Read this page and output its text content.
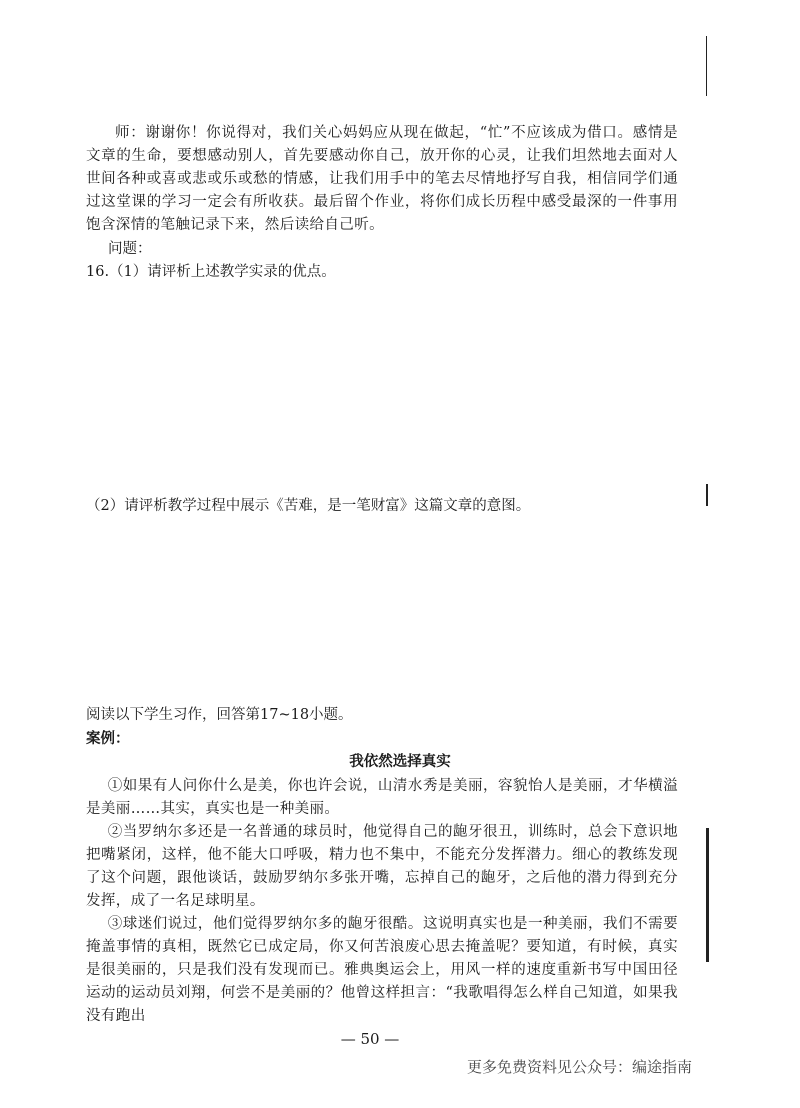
师：谢谢你！你说得对，我们关心妈妈应从现在做起，“忙”不应该成为借口。感情是文章的生命，要想感动别人，首先要感动你自己，放开你的心灵，让我们坦然地去面对人世间各种或喜或悲或乐或愁的情感，让我们用手中的笔去尽情地抒写自我，相信同学们通过这堂课的学习一定会有所收获。最后留个作业，将你们成长历程中感受最深的一件事用饱含深情的笔触记录下来，然后读给自己听。

问题：

16.（1）请评析上述教学实录的优点。

（2）请评析教学过程中展示《苦难，是一笔财富》这篇文章的意图。

阅读以下学生习作，回答第17~18小题。

案例：

我依然选择真实

①如果有人问你什么是美，你也许会说，山清水秀是美丽，容貌怡人是美丽，才华横溢是美丽……其实，真实也是一种美丽。

②当罗纳尔多还是一名普通的球员时，他觉得自己的龅牙很丑，训练时，总会下意识地把嘴紧闭，这样，他不能大口呼吸，精力也不集中，不能充分发挥潜力。细心的教练发现了这个问题，跟他谈话，鼓励罗纳尔多张开嘴，忘掉自己的龅牙，之后他的潜力得到充分发挥，成了一名足球明星。

③球迷们说过，他们觉得罗纳尔多的龅牙很酷。这说明真实也是一种美丽，我们不需要掩盖事情的真相，既然它已成定局，你又何苦浪废心思去掩盖呢？要知道，有时候，真实是很美丽的，只是我们没有发现而已。雅典奥运会上，用风一样的速度重新书写中国田径运动的运动员刘翔，何尝不是美丽的？他曾这样担言：“我歌唱得怎么样自己知道，如果我没有跑出

— 50 —
更多免费资料见公众号：编途指南
